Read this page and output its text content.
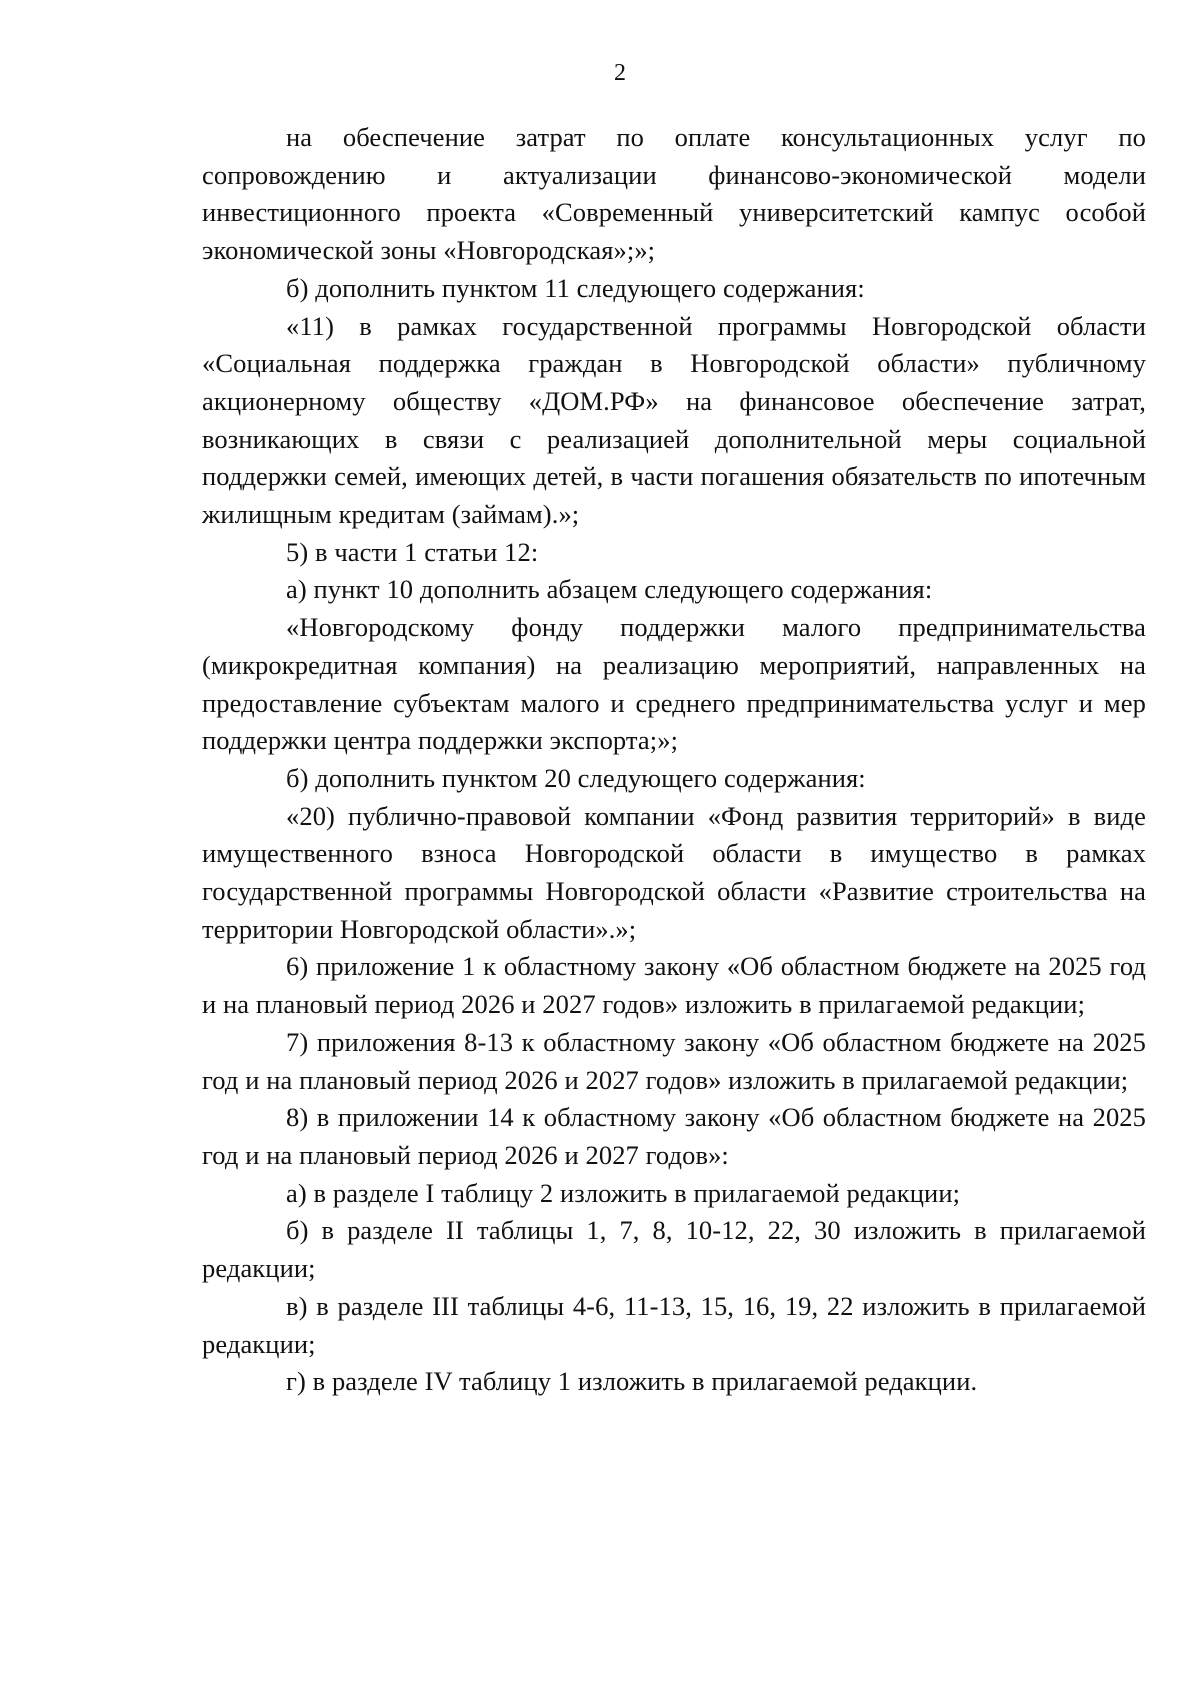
2

на обеспечение затрат по оплате консультационных услуг по сопровождению и актуализации финансово-экономической модели инвестиционного проекта «Современный университетский кампус особой экономической зоны «Новгородская»;»;

б) дополнить пунктом 11 следующего содержания:

«11) в рамках государственной программы Новгородской области «Социальная поддержка граждан в Новгородской области» публичному акционерному обществу «ДОМ.РФ» на финансовое обеспечение затрат, возникающих в связи с реализацией дополнительной меры социальной поддержки семей, имеющих детей, в части погашения обязательств по ипотечным жилищным кредитам (займам).»;

5) в части 1 статьи 12:

а) пункт 10 дополнить абзацем следующего содержания:

«Новгородскому фонду поддержки малого предпринимательства (микрокредитная компания) на реализацию мероприятий, направленных на предоставление субъектам малого и среднего предпринимательства услуг и мер поддержки центра поддержки экспорта;»;

б) дополнить пунктом 20 следующего содержания:

«20) публично-правовой компании «Фонд развития территорий» в виде имущественного взноса Новгородской области в имущество в рамках государственной программы Новгородской области «Развитие строительства на территории Новгородской области».»;

6) приложение 1 к областному закону «Об областном бюджете на 2025 год и на плановый период 2026 и 2027 годов» изложить в прилагаемой редакции;

7) приложения 8-13 к областному закону «Об областном бюджете на 2025 год и на плановый период 2026 и 2027 годов» изложить в прилагаемой редакции;

8) в приложении 14 к областному закону «Об областном бюджете на 2025 год и на плановый период 2026 и 2027 годов»:

а) в разделе I таблицу 2 изложить в прилагаемой редакции;

б) в разделе II таблицы 1, 7, 8, 10-12, 22, 30 изложить в прилагаемой редакции;

в) в разделе III таблицы 4-6, 11-13, 15, 16, 19, 22 изложить в прилагаемой редакции;

г) в разделе IV таблицу 1 изложить в прилагаемой редакции.
